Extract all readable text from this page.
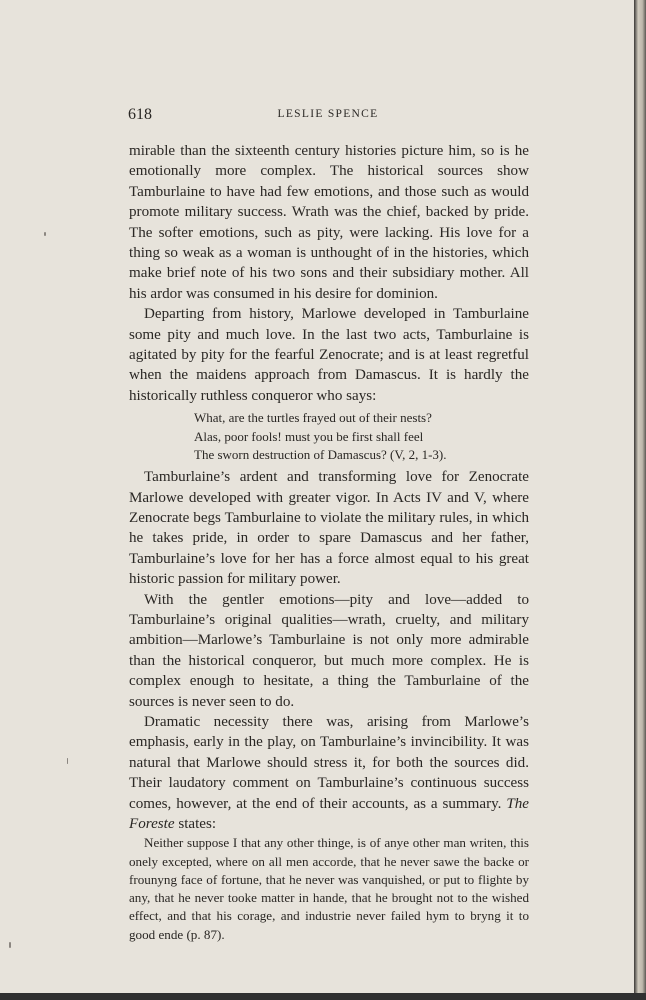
618	LESLIE SPENCE

mirable than the sixteenth century histories picture him, so is he emotionally more complex. The historical sources show Tamburlaine to have had few emotions, and those such as would promote military success. Wrath was the chief, backed by pride. The softer emotions, such as pity, were lacking. His love for a thing so weak as a woman is unthought of in the histories, which make brief note of his two sons and their subsidiary mother. All his ardor was consumed in his desire for dominion.

Departing from history, Marlowe developed in Tamburlaine some pity and much love. In the last two acts, Tamburlaine is agitated by pity for the fearful Zenocrate; and is at least regretful when the maidens approach from Damascus. It is hardly the historically ruthless conqueror who says:

What, are the turtles frayed out of their nests?
Alas, poor fools! must you be first shall feel
The sworn destruction of Damascus? (V, 2, 1-3).

Tamburlaine’s ardent and transforming love for Zenocrate Marlowe developed with greater vigor. In Acts IV and V, where Zenocrate begs Tamburlaine to violate the military rules, in which he takes pride, in order to spare Damascus and her father, Tamburlaine’s love for her has a force almost equal to his great historic passion for military power.

With the gentler emotions—pity and love—added to Tamburlaine’s original qualities—wrath, cruelty, and military ambition—Marlowe’s Tamburlaine is not only more admirable than the historical conqueror, but much more complex. He is complex enough to hesitate, a thing the Tamburlaine of the sources is never seen to do.

Dramatic necessity there was, arising from Marlowe’s emphasis, early in the play, on Tamburlaine’s invincibility. It was natural that Marlowe should stress it, for both the sources did. Their laudatory comment on Tamburlaine’s continuous success comes, however, at the end of their accounts, as a summary. The Foreste states:

Neither suppose I that any other thinge, is of anye other man writen, this onely excepted, where on all men accorde, that he never sawe the backe or frounyng face of fortune, that he never was vanquished, or put to flighte by any, that he never tooke matter in hande, that he brought not to the wished effect, and that his corage, and industrie never failed hym to bryng it to good ende (p. 87).
